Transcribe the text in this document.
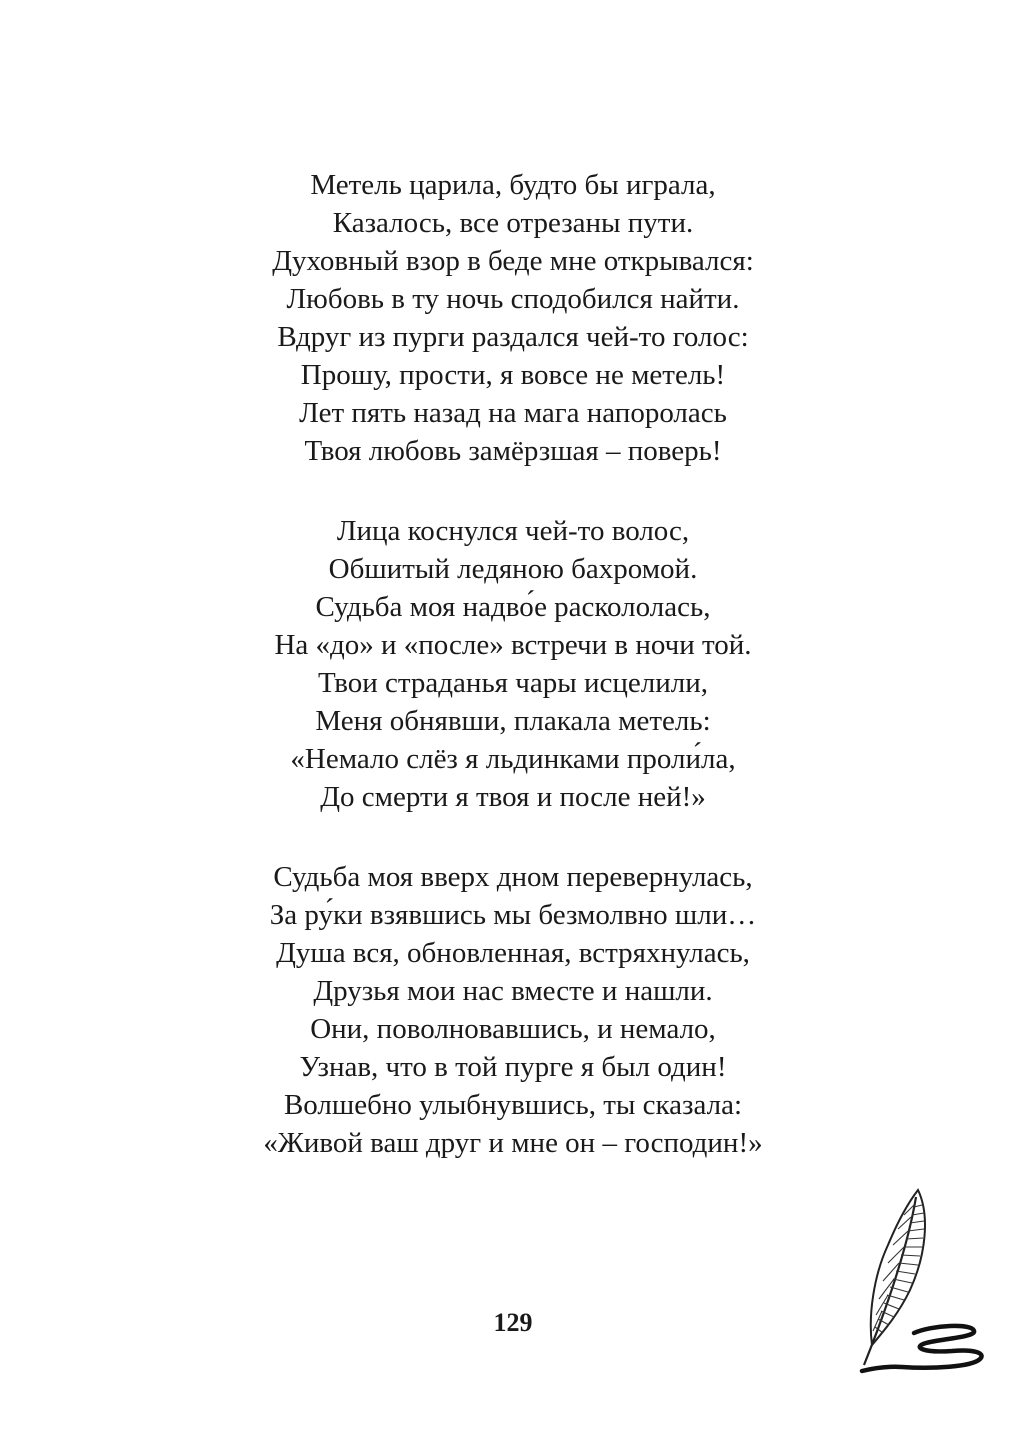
Метель царила, будто бы играла,
Казалось, все отрезаны пути.
Духовный взор в беде мне открывался:
Любовь в ту ночь сподобился найти.
Вдруг из пурги раздался чей-то голос:
Прошу, прости, я вовсе не метель!
Лет пять назад на мага напоролась
Твоя любовь замёрзшая – поверь!
Лица коснулся чей-то волос,
Обшитый ледяною бахромой.
Судьба моя надво́е раскололась,
На «до» и «после» встречи в ночи той.
Твои страданья чары исцелили,
Меня обнявши, плакала метель:
«Немало слёз я льдинками проли́ла,
До смерти я твоя и после ней!»
Судьба моя вверх дном перевернулась,
За ру́ки взявшись мы безмолвно шли…
Душа вся, обновленная, встряхнулась,
Друзья мои нас вместе и нашли.
Они, поволновавшись, и немало,
Узнав, что в той пурге я был один!
Волшебно улыбнувшись, ты сказала:
«Живой ваш друг и мне он – господин!»
129
